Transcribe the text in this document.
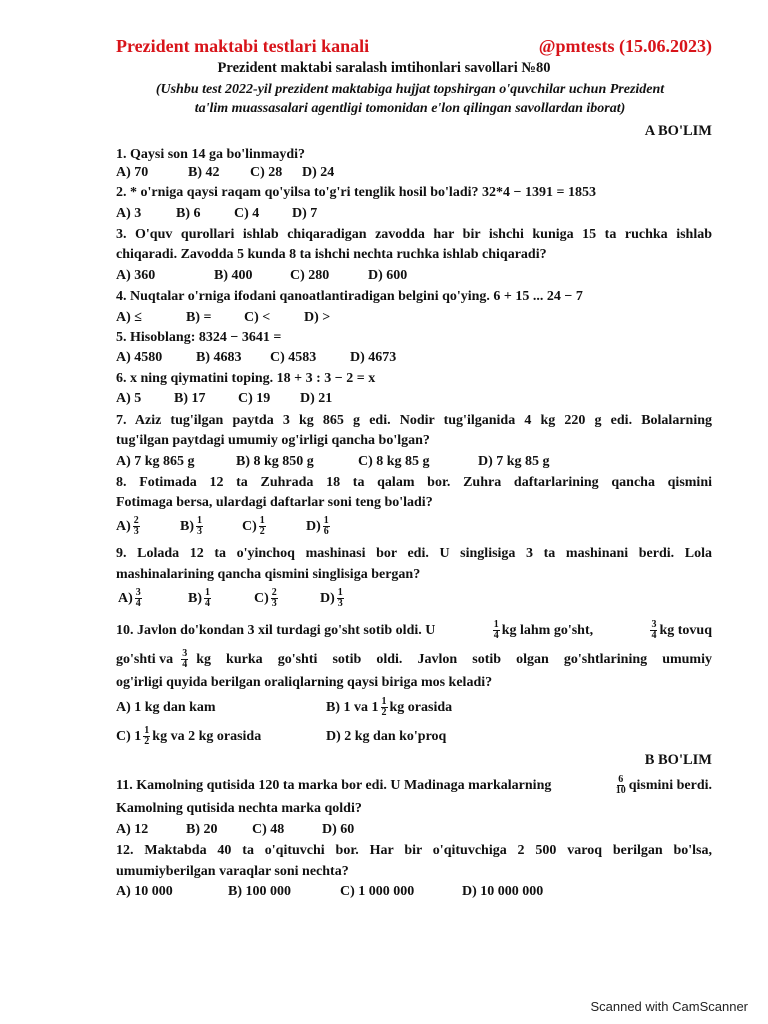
Prezident maktabi testlari kanali	@pmtests (15.06.2023)
Prezident maktabi saralash imtihonlari savollari №80
(Ushbu test 2022-yil prezident maktabiga hujjat topshirgan o'quvchilar uchun Prezident
ta'lim muassasalari agentligi tomonidan e'lon qilingan savollardan iborat)
A BO'LIM
1. Qaysi son 14 ga bo'linmaydi?
A) 70	B) 42	C) 28	D) 24
2. * o'rniga qaysi raqam qo'yilsa to'g'ri tenglik hosil bo'ladi? 32*4 − 1391 = 1853
A) 3	B) 6	C) 4	D) 7
3. O'quv qurollari ishlab chiqaradigan zavodda har bir ishchi kuniga 15 ta ruchka ishlab
chiqaradi. Zavodda 5 kunda 8 ta ishchi nechta ruchka ishlab chiqaradi?
A) 360	B) 400	C) 280	D) 600
4. Nuqtalar o'rniga ifodani qanoatlantiradigan belgini qo'ying. 6 + 15 ... 24 − 7
A) ≤	B) =	C) <	D) >
5. Hisoblang: 8324 − 3641 =
A) 4580	B) 4683	C) 4583	D) 4673
6. x ning qiymatini toping. 18 + 3 : 3 − 2 = x
A) 5	B) 17	C) 19	D) 21
7. Aziz tug'ilgan paytda 3 kg 865 g edi. Nodir tug'ilganida 4 kg 220 g edi. Bolalarning
tug'ilgan paytdagi umumiy og'irligi qancha bo'lgan?
A) 7 kg 865 g	B) 8 kg 850 g	C) 8 kg 85 g	D) 7 kg 85 g
8. Fotimada 12 ta Zuhrada 18 ta qalam bor. Zuhra daftarlarining qancha qismini
Fotimaga bersa, ulardagi daftarlar soni teng bo'ladi?
$A) \frac{2}{3}$	$B) \frac{1}{3}$	$C) \frac{1}{2}$	$D) \frac{1}{6}$
9. Lolada 12 ta o'yinchoq mashinasi bor edi. U singlisiga 3 ta mashinani berdi. Lola
mashinalarining qancha qismini singlisiga bergan?
$A) \frac{3}{4}$	$B) \frac{1}{4}$	$C) \frac{2}{3}$	$D) \frac{1}{3}$
10. Javlon do'kondan 3 xil turdagi go'sht sotib oldi. U	$\frac{1}{4}$ kg lahm go'sht,	$\frac{3}{4}$ kg tovuq
go'shti va $\frac{3}{4}$ kg kurka go'shti sotib oldi. Javlon sotib olgan go'shtlarining umumiy
og'irligi quyida berilgan oraliqlarning qaysi biriga mos keladi?
A) 1 kg dan kam	B) 1 va $1 \frac{1}{2}$ kg orasida
C) $1 \frac{1}{2}$ kg va 2 kg orasida	D) 2 kg dan ko'proq
B BO'LIM
11. Kamolning qutisida 120 ta marka bor edi. U Madinaga markalarning	$\frac{6}{10}$ qismini berdi.
Kamolning qutisida nechta marka qoldi?
A) 12	B) 20	C) 48	D) 60
12. Maktabda 40 ta o'qituvchi bor. Har bir o'qituvchiga 2 500 varoq berilgan bo'lsa,
umumiyberilgan varaqlar soni nechta?
A) 10 000	B) 100 000	C) 1 000 000	D) 10 000 000
Scanned with CamScanner
